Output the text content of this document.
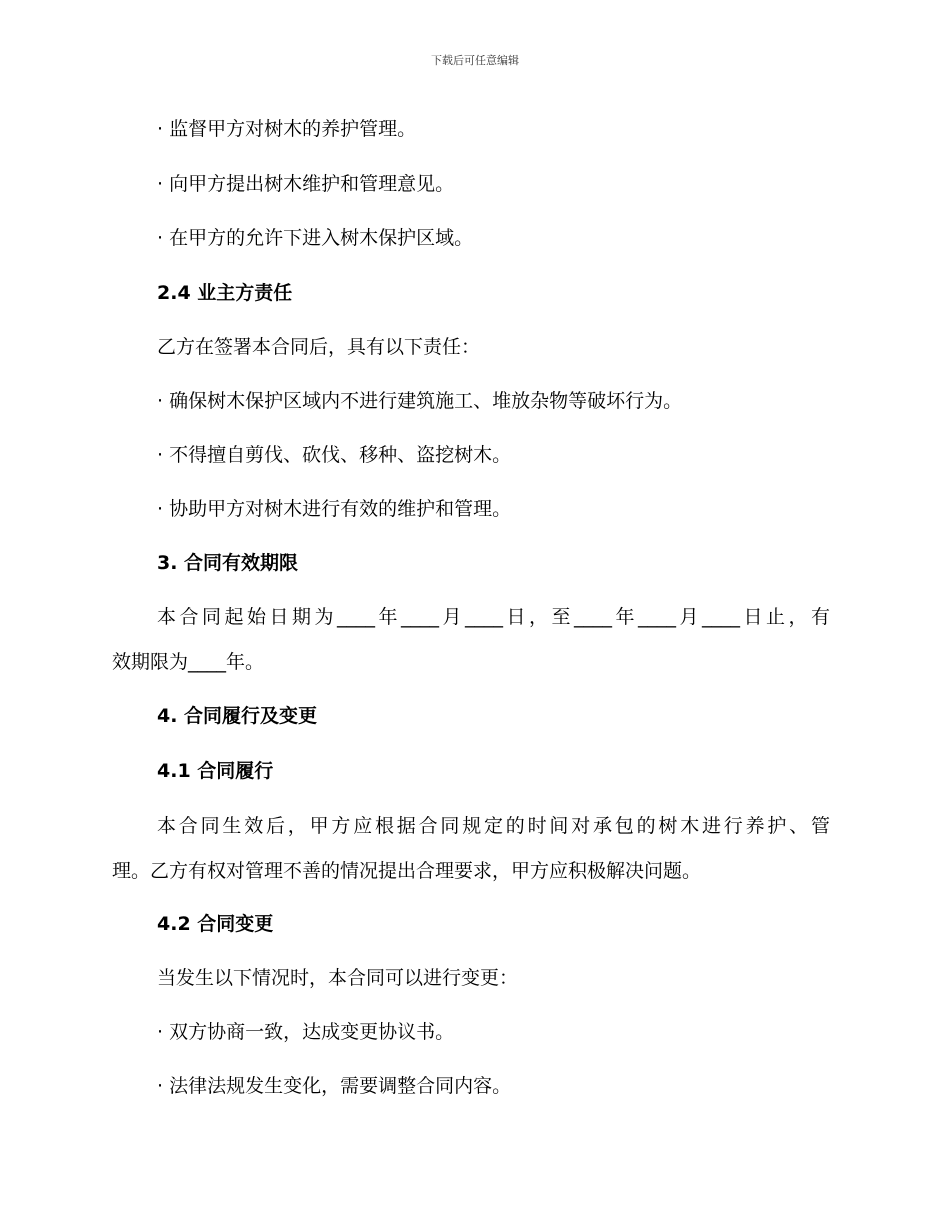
下载后可任意编辑
· 监督甲方对树木的养护管理。
· 向甲方提出树木维护和管理意见。
· 在甲方的允许下进入树木保护区域。
2.4 业主方责任
乙方在签署本合同后，具有以下责任：
· 确保树木保护区域内不进行建筑施工、堆放杂物等破坏行为。
· 不得擅自剪伐、砍伐、移种、盗挖树木。
· 协助甲方对树木进行有效的维护和管理。
3. 合同有效期限
本合同起始日期为____年____月____日，至____年____月____日止，有
效期限为____年。
4. 合同履行及变更
4.1 合同履行
本合同生效后，甲方应根据合同规定的时间对承包的树木进行养护、管
理。乙方有权对管理不善的情况提出合理要求，甲方应积极解决问题。
4.2 合同变更
当发生以下情况时，本合同可以进行变更：
· 双方协商一致，达成变更协议书。
· 法律法规发生变化，需要调整合同内容。
